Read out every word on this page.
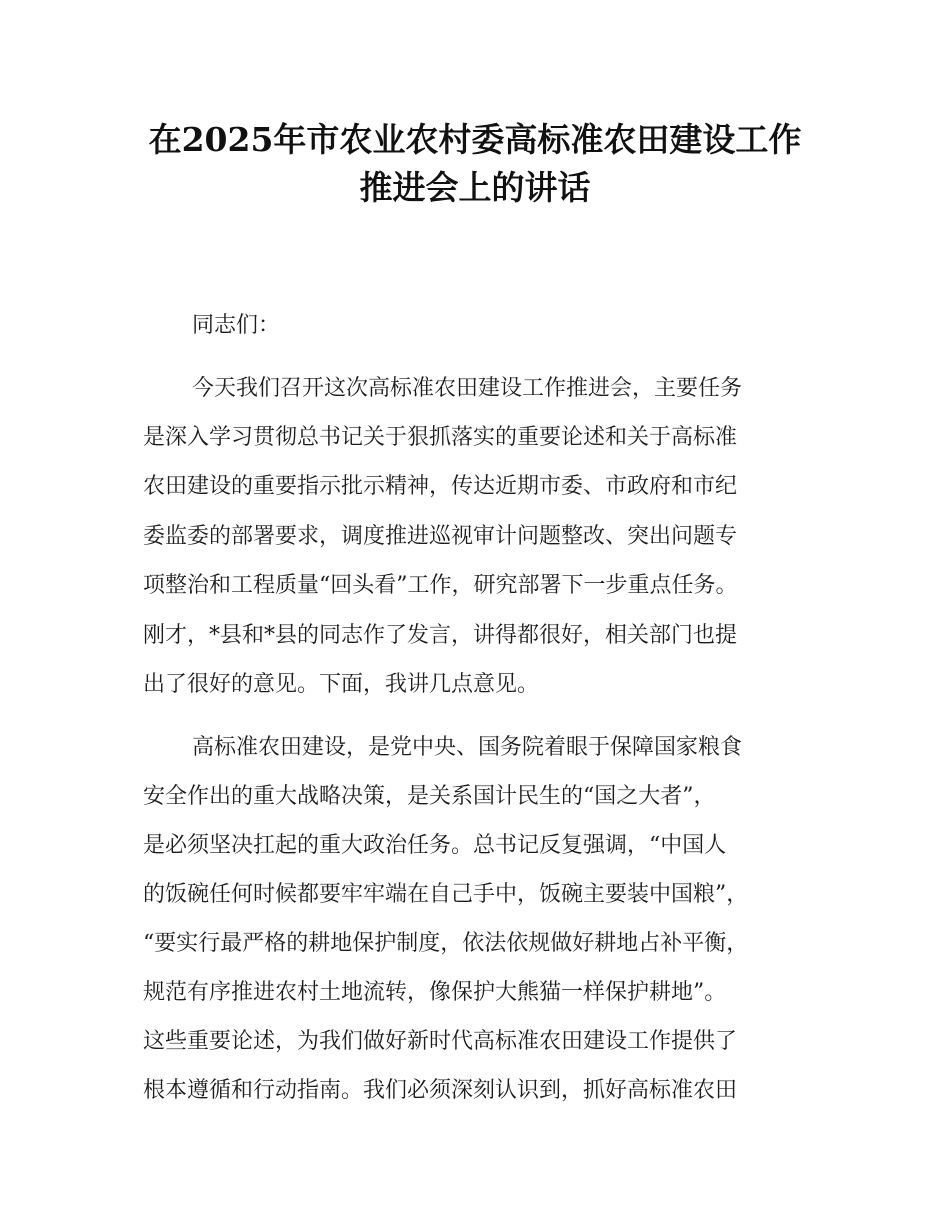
在2025年市农业农村委高标准农田建设工作
推进会上的讲话
同志们：
今天我们召开这次高标准农田建设工作推进会，主要任务
是深入学习贯彻总书记关于狠抓落实的重要论述和关于高标准
农田建设的重要指示批示精神，传达近期市委、市政府和市纪
委监委的部署要求，调度推进巡视审计问题整改、突出问题专
项整治和工程质量“回头看”工作，研究部署下一步重点任务。
刚才，*县和*县的同志作了发言，讲得都很好，相关部门也提
出了很好的意见。下面，我讲几点意见。
高标准农田建设，是党中央、国务院着眼于保障国家粮食
安全作出的重大战略决策，是关系国计民生的“国之大者”，
是必须坚决扛起的重大政治任务。总书记反复强调，“中国人
的饭碗任何时候都要牢牢端在自己手中，饭碗主要装中国粮”，
“要实行最严格的耕地保护制度，依法依规做好耕地占补平衡，
规范有序推进农村土地流转，像保护大熊猫一样保护耕地”。
这些重要论述，为我们做好新时代高标准农田建设工作提供了
根本遵循和行动指南。我们必须深刻认识到，抓好高标准农田
